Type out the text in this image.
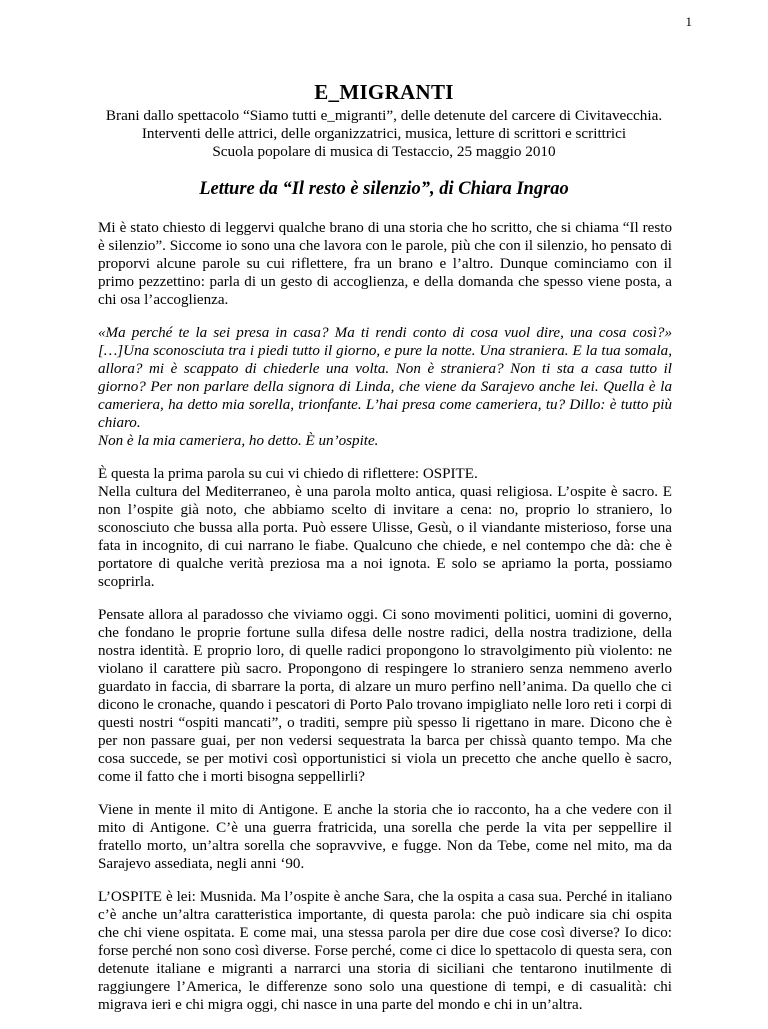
1
E_MIGRANTI
Brani dallo spettacolo “Siamo tutti e_migranti”, delle detenute del carcere di Civitavecchia.
Interventi delle attrici, delle organizzatrici, musica, letture di scrittori e scrittrici
Scuola popolare di musica di Testaccio, 25 maggio 2010
Letture da “Il resto è silenzio”, di Chiara Ingrao

Mi è stato chiesto di leggervi qualche brano di una storia che ho scritto, che si chiama “Il resto è silenzio”. Siccome io sono una che lavora con le parole, più che con il silenzio, ho pensato di proporvi alcune parole su cui riflettere, fra un brano e l’altro. Dunque cominciamo con il primo pezzettino: parla di un gesto di accoglienza, e della domanda che spesso viene posta, a chi osa l’accoglienza.

«Ma perché te la sei presa in casa? Ma ti rendi conto di cosa vuol dire, una cosa così?» […]Una sconosciuta tra i piedi tutto il giorno, e pure la notte. Una straniera. E la tua somala, allora? mi è scappato di chiederle una volta. Non è straniera? Non ti sta a casa tutto il giorno? Per non parlare della signora di Linda, che viene da Sarajevo anche lei. Quella è la cameriera, ha detto mia sorella, trionfante. L’hai presa come cameriera, tu? Dillo: è tutto più chiaro.

Non è la mia cameriera, ho detto. È un’ospite.

È questa la prima parola su cui vi chiedo di riflettere: OSPITE.

Nella cultura del Mediterraneo, è una parola molto antica, quasi religiosa. L’ospite è sacro. E non l’ospite già noto, che abbiamo scelto di invitare a cena: no, proprio lo straniero, lo sconosciuto che bussa alla porta. Può essere Ulisse, Gesù, o il viandante misterioso, forse una fata in incognito, di cui narrano le fiabe. Qualcuno che chiede, e nel contempo che dà: che è portatore di qualche verità preziosa ma a noi ignota. E solo se apriamo la porta, possiamo scoprirla.

Pensate allora al paradosso che viviamo oggi. Ci sono movimenti politici, uomini di governo, che fondano le proprie fortune sulla difesa delle nostre radici, della nostra tradizione, della nostra identità. E proprio loro, di quelle radici propongono lo stravolgimento più violento: ne violano il carattere più sacro. Propongono di respingere lo straniero senza nemmeno averlo guardato in faccia, di sbarrare la porta, di alzare un muro perfino nell’anima. Da quello che ci dicono le cronache, quando i pescatori di Porto Palo trovano impigliato nelle loro reti i corpi di questi nostri “ospiti mancati”, o traditi, sempre più spesso li rigettano in mare. Dicono che è per non passare guai, per non vedersi sequestrata la barca per chissà quanto tempo. Ma che cosa succede, se per motivi così opportunistici si viola un precetto che anche quello è sacro, come il fatto che i morti bisogna seppellirli?

Viene in mente il mito di Antigone. E anche la storia che io racconto, ha a che vedere con il mito di Antigone. C’è una guerra fratricida, una sorella che perde la vita per seppellire il fratello morto, un’altra sorella che sopravvive, e fugge. Non da Tebe, come nel mito, ma da Sarajevo assediata, negli anni ‘90.

L’OSPITE è lei: Musnida. Ma l’ospite è anche Sara, che la ospita a casa sua. Perché in italiano c’è anche un’altra caratteristica importante, di questa parola: che può indicare sia chi ospita che chi viene ospitata. E come mai, una stessa parola per dire due cose così diverse? Io dico: forse perché non sono così diverse. Forse perché, come ci dice lo spettacolo di questa sera, con detenute italiane e migranti a narrarci una storia di siciliani che tentarono inutilmente di raggiungere l’America, le differenze sono solo una questione di tempi, e di casualità: chi migrava ieri e chi migra oggi, chi nasce in una parte del mondo e chi in un’altra.
